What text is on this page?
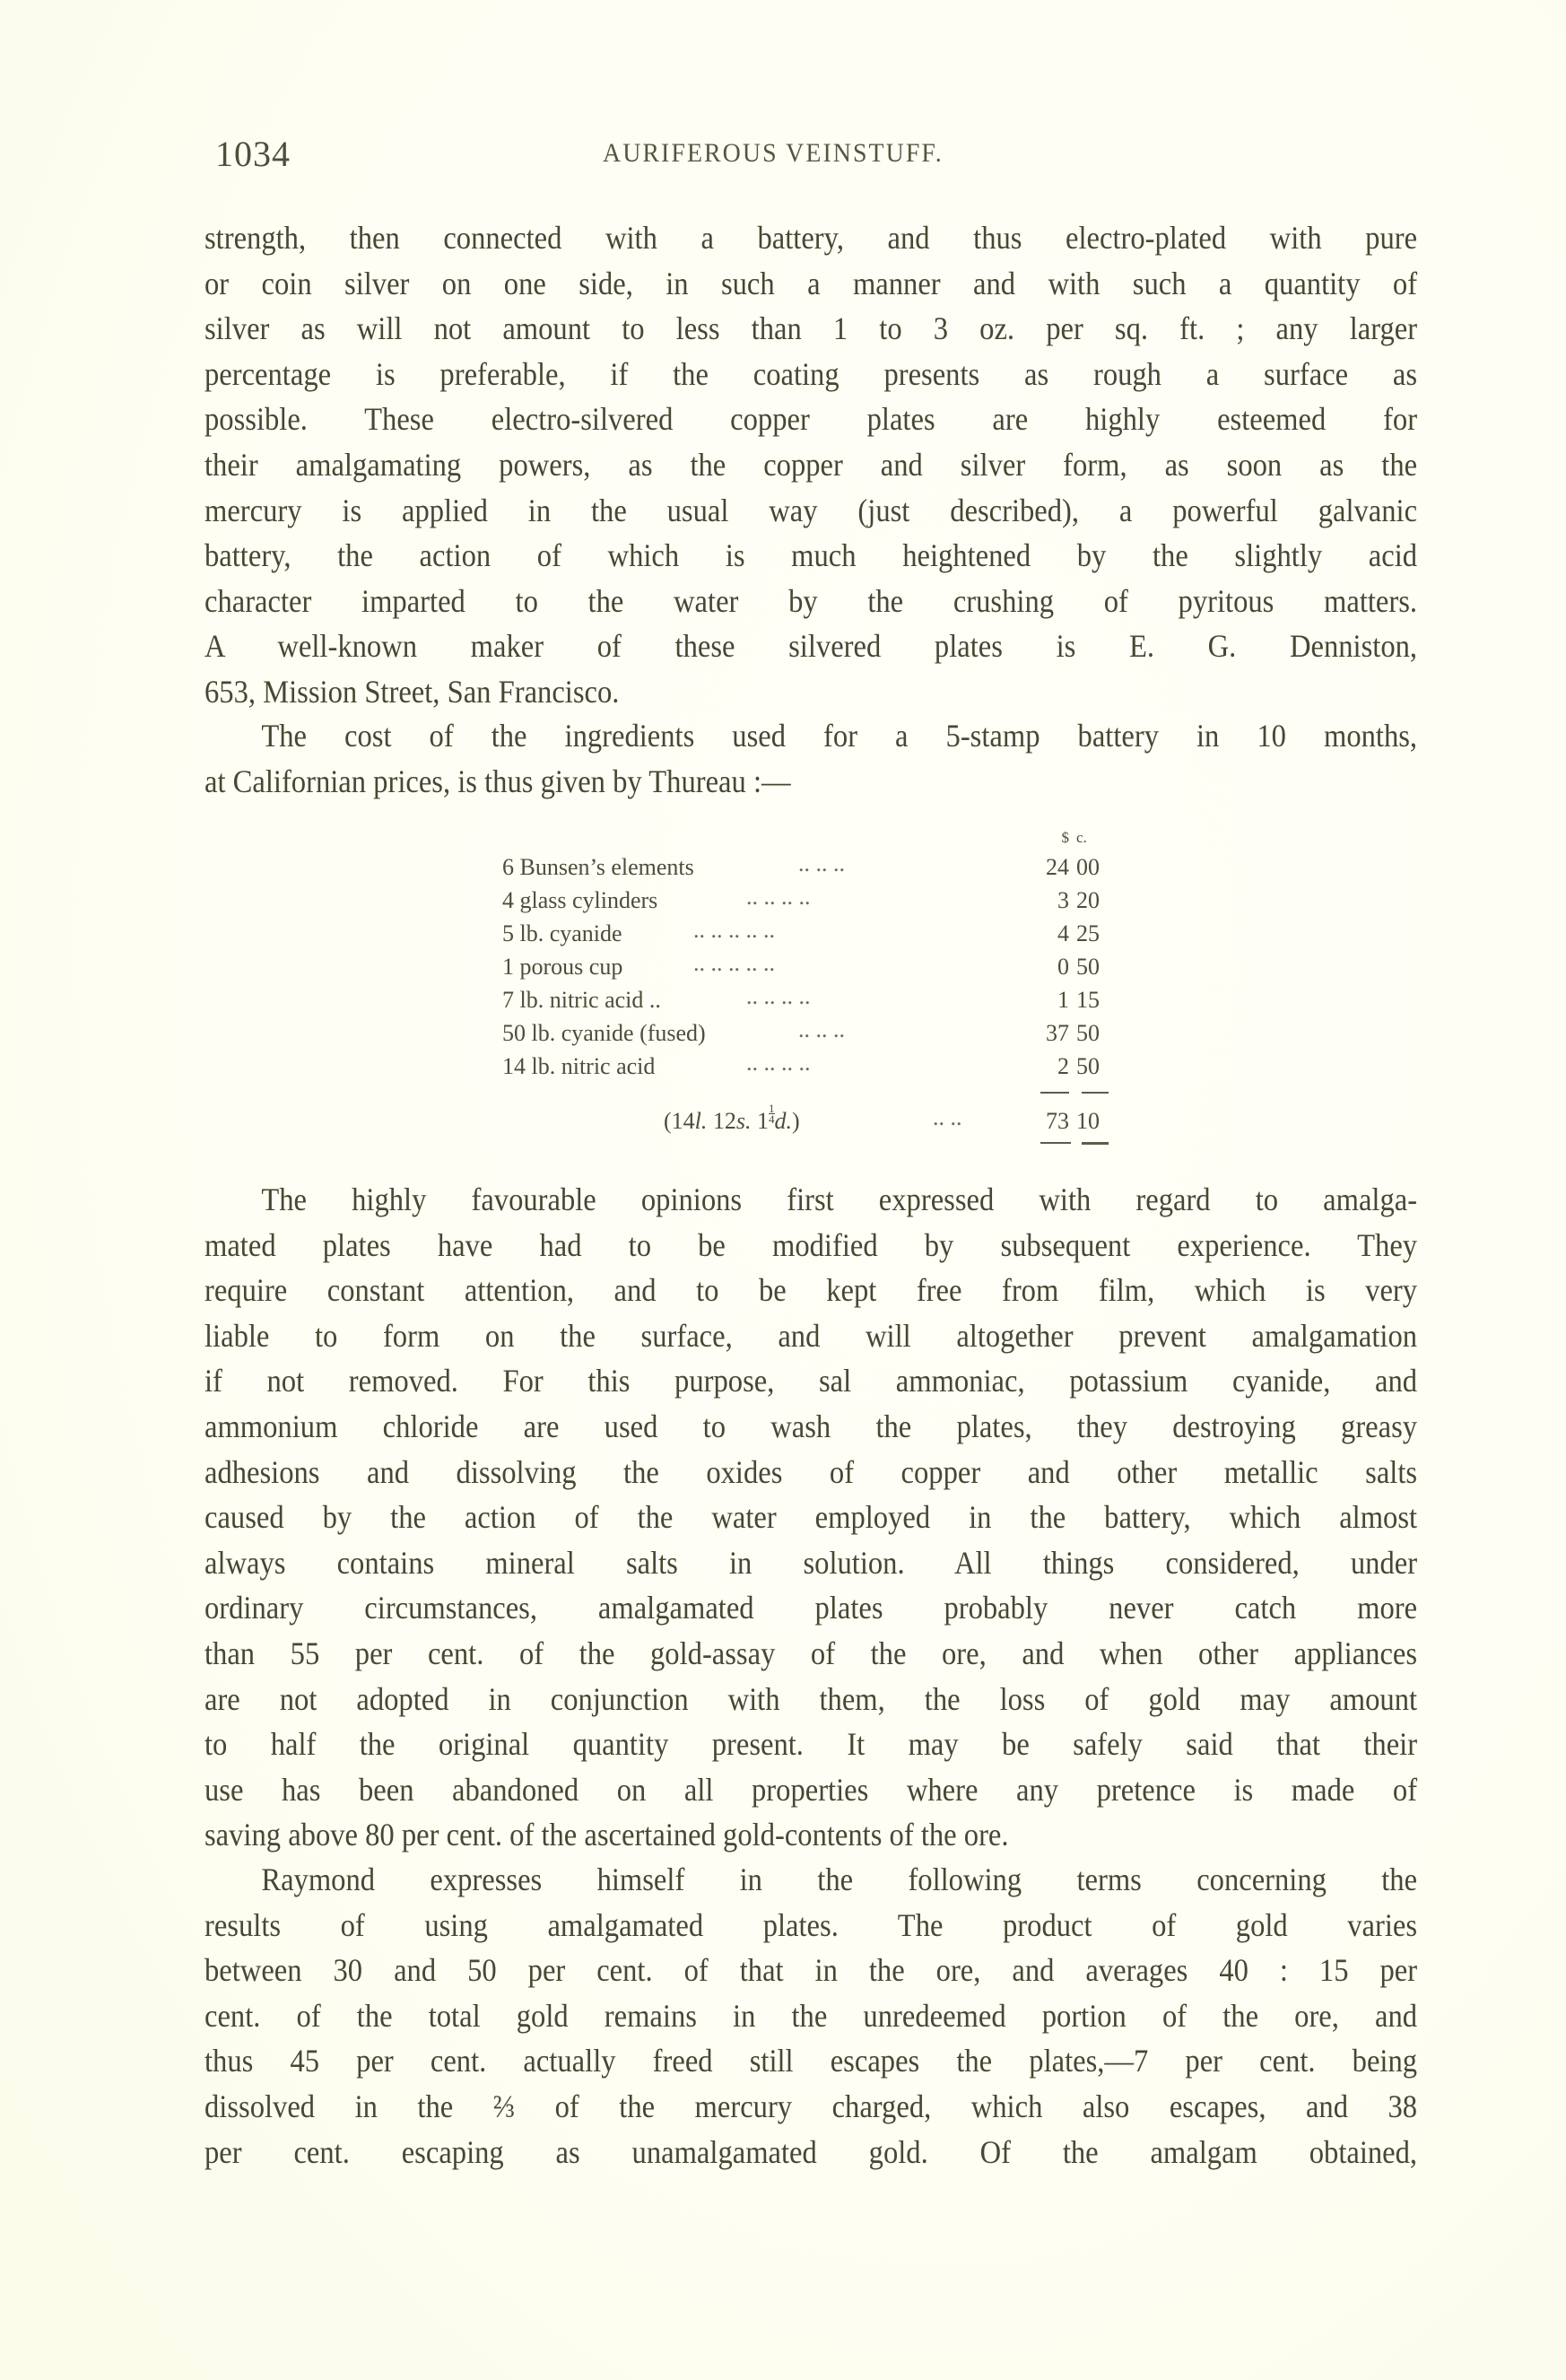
1034	AURIFEROUS VEINSTUFF.
strength, then connected with a battery, and thus electro-plated with pure
or coin silver on one side, in such a manner and with such a quantity of
silver as will not amount to less than 1 to 3 oz. per sq. ft. ; any larger
percentage is preferable, if the coating presents as rough a surface as
possible. These electro-silvered copper plates are highly esteemed for
their amalgamating powers, as the copper and silver form, as soon as the
mercury is applied in the usual way (just described), a powerful galvanic
battery, the action of which is much heightened by the slightly acid
character imparted to the water by the crushing of pyritous matters.
A well-known maker of these silvered plates is E. G. Denniston,
653, Mission Street, San Francisco.
The cost of the ingredients used for a 5-stamp battery in 10 months,
at Californian prices, is thus given by Thureau :—
$ c.
6 Bunsen’s elements	.. .. ..	24 00
4 glass cylinders	.. .. .. ..	3 20
5 lb. cyanide	.. .. .. .. ..	4 25
1 porous cup	.. .. .. .. ..	0 50
7 lb. nitric acid ..	.. .. .. ..	1 15
50 lb. cyanide (fused)	.. .. ..	37 50
14 lb. nitric acid	.. .. .. ..	2 50
(14l. 12s. $1 \frac{1}{4} d$.)	.. ..	73 10
The highly favourable opinions first expressed with regard to amalga-
mated plates have had to be modified by subsequent experience. They
require constant attention, and to be kept free from film, which is very
liable to form on the surface, and will altogether prevent amalgamation
if not removed. For this purpose, sal ammoniac, potassium cyanide, and
ammonium chloride are used to wash the plates, they destroying greasy
adhesions and dissolving the oxides of copper and other metallic salts
caused by the action of the water employed in the battery, which almost
always contains mineral salts in solution. All things considered, under
ordinary circumstances, amalgamated plates probably never catch more
than 55 per cent. of the gold-assay of the ore, and when other appliances
are not adopted in conjunction with them, the loss of gold may amount
to half the original quantity present. It may be safely said that their
use has been abandoned on all properties where any pretence is made of
saving above 80 per cent. of the ascertained gold-contents of the ore.
Raymond expresses himself in the following terms concerning the
results of using amalgamated plates. The product of gold varies
between 30 and 50 per cent. of that in the ore, and averages 40 : 15 per
cent. of the total gold remains in the unredeemed portion of the ore, and
thus 45 per cent. actually freed still escapes the plates,—7 per cent. being
dissolved in the ⅔ of the mercury charged, which also escapes, and 38
per cent. escaping as unamalgamated gold. Of the amalgam obtained,
